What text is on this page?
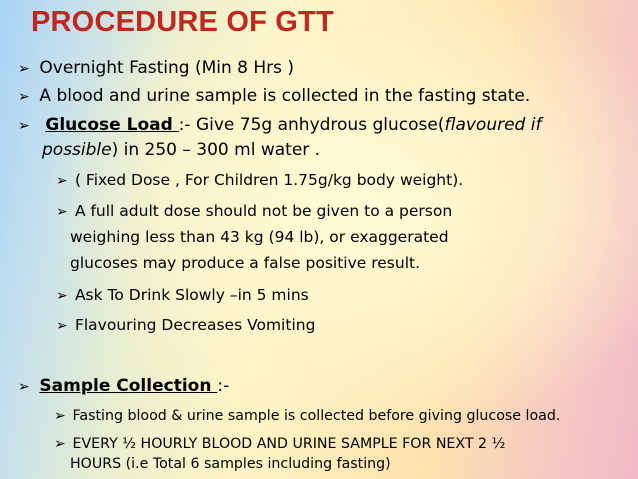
PROCEDURE OF GTT
➢ Overnight Fasting (Min 8 Hrs )
➢ A blood and urine sample is collected in the fasting state.
➢ Glucose Load :- Give 75g anhydrous glucose(flavoured if
possible) in 250 – 300 ml water .
➢ ( Fixed Dose , For Children 1.75g/kg body weight).
➢ A full adult dose should not be given to a person
weighing less than 43 kg (94 lb), or exaggerated
glucoses may produce a false positive result.
➢ Ask To Drink Slowly –in 5 mins
➢ Flavouring Decreases Vomiting
➢ Sample Collection :-
➢ Fasting blood & urine sample is collected before giving glucose load.
➢ EVERY ½ HOURLY BLOOD AND URINE SAMPLE FOR NEXT 2 ½
HOURS (i.e Total 6 samples including fasting)
